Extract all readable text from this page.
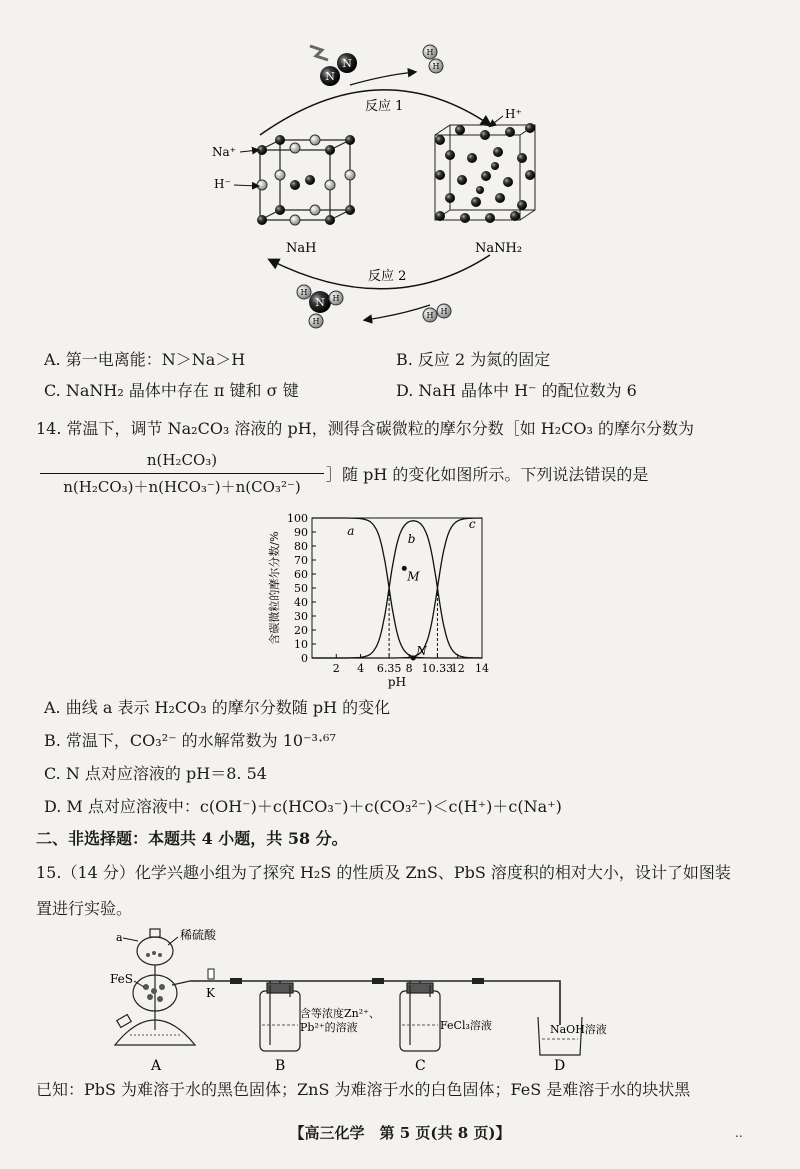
N
N
H
H
反应 1
Na⁺
H⁻
NaH
H⁺
NaNH₂
反应 2
N
H
H
H
H H
A. 第一电离能：N＞Na＞H	B. 反应 2 为氮的固定
C. NaNH₂ 晶体中存在 π 键和 σ 键	D. NaH 晶体中 H⁻ 的配位数为 6
14. 常温下，调节 Na₂CO₃ 溶液的 pH，测得含碳微粒的摩尔分数［如 H₂CO₃ 的摩尔分数为
n(H₂CO₃)
n(H₂CO₃)＋n(HCO₃⁻)＋n(CO₃²⁻)
］随 pH 的变化如图所示。下列说法错误的是
0
10
20
30
40
50
60
70
80
90
100
2 4 6.35 8 10.33
12 14
pH
含碳微粒的摩尔分数/%
a
b
c
M
N
A. 曲线 a 表示 H₂CO₃ 的摩尔分数随 pH 的变化
B. 常温下，CO₃²⁻ 的水解常数为 10⁻³·⁶⁷
C. N 点对应溶液的 pH＝8. 54
D. M 点对应溶液中：c(OH⁻)＋c(HCO₃⁻)＋c(CO₃²⁻)＜c(H⁺)＋c(Na⁺)
二、非选择题：本题共 4 小题，共 58 分。
15.（14 分）化学兴趣小组为了探究 H₂S 的性质及 ZnS、PbS 溶度积的相对大小，设计了如图装
置进行实验。
a	稀硫酸
FeS
K
含等浓度Zn²⁺、
Pb²⁺的溶液	FeCl₃溶液	NaOH溶液
A	B	C	D
已知：PbS 为难溶于水的黑色固体；ZnS 为难溶于水的白色固体；FeS 是难溶于水的块状黑
【高三化学　第 5 页(共 8 页)】	..
